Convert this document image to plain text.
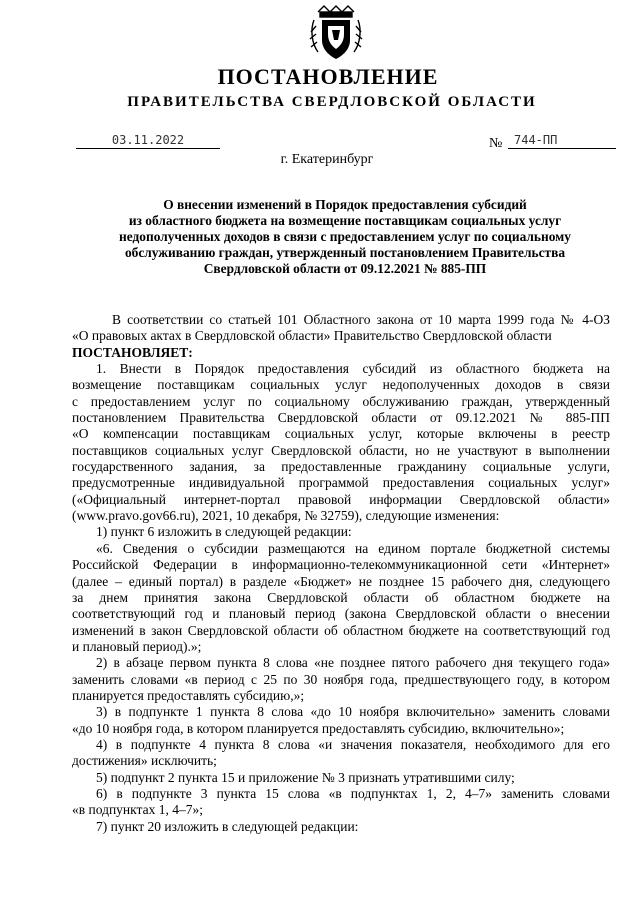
ПОСТАНОВЛЕНИЕ
ПРАВИТЕЛЬСТВА СВЕРДЛОВСКОЙ ОБЛАСТИ
03.11.2022	№ 744-ПП
г. Екатеринбург
О внесении изменений в Порядок предоставления субсидий
из областного бюджета на возмещение поставщикам социальных услуг
недополученных доходов в связи с предоставлением услуг по социальному
обслуживанию граждан, утвержденный постановлением Правительства
Свердловской области от 09.12.2021 № 885-ПП
В соответствии со статьей 101 Областного закона от 10 марта 1999 года № 4-ОЗ
«О правовых актах в Свердловской области» Правительство Свердловской области
ПОСТАНОВЛЯЕТ:
1. Внести в Порядок предоставления субсидий из областного бюджета на
возмещение поставщикам социальных услуг недополученных доходов в связи
с предоставлением услуг по социальному обслуживанию граждан, утвержденный
постановлением Правительства Свердловской области от 09.12.2021 № 885-ПП
«О компенсации поставщикам социальных услуг, которые включены в реестр
поставщиков социальных услуг Свердловской области, но не участвуют в выполнении
государственного задания, за предоставленные гражданину социальные услуги,
предусмотренные индивидуальной программой предоставления социальных услуг»
(«Официальный интернет-портал правовой информации Свердловской области»
(www.pravo.gov66.ru), 2021, 10 декабря, № 32759), следующие изменения:
1) пункт 6 изложить в следующей редакции:
«6. Сведения о субсидии размещаются на едином портале бюджетной системы
Российской Федерации в информационно-телекоммуникационной сети «Интернет»
(далее – единый портал) в разделе «Бюджет» не позднее 15 рабочего дня, следующего
за днем принятия закона Свердловской области об областном бюджете на
соответствующий год и плановый период (закона Свердловской области о внесении
изменений в закон Свердловской области об областном бюджете на соответствующий год
и плановый период).»;
2) в абзаце первом пункта 8 слова «не позднее пятого рабочего дня текущего года»
заменить словами «в период с 25 по 30 ноября года, предшествующего году, в котором
планируется предоставлять субсидию,»;
3) в подпункте 1 пункта 8 слова «до 10 ноября включительно» заменить словами
«до 10 ноября года, в котором планируется предоставлять субсидию, включительно»;
4) в подпункте 4 пункта 8 слова «и значения показателя, необходимого для его
достижения» исключить;
5) подпункт 2 пункта 15 и приложение № 3 признать утратившими силу;
6) в подпункте 3 пункта 15 слова «в подпунктах 1, 2, 4–7» заменить словами
«в подпунктах 1, 4–7»;
7) пункт 20 изложить в следующей редакции:
